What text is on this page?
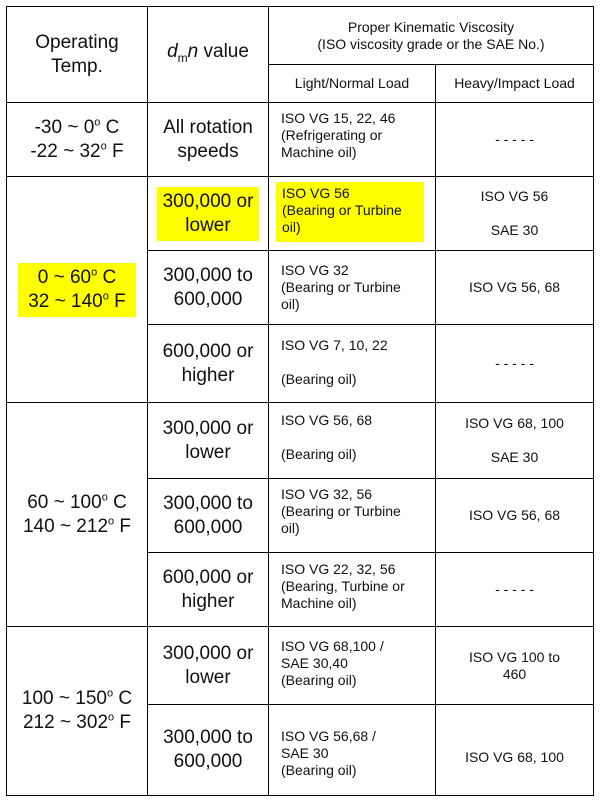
Operating
Temp.
$d_mn$ value
Proper Kinematic Viscosity
(ISO viscosity grade or the SAE No.)
Light/Normal Load	Heavy/Impact Load
-30 ~ 0$^o$ C
-22 ~ 32$^o$ F
All rotation
speeds
ISO VG 15, 22, 46
(Refrigerating or
Machine oil)
- - - - -
0 ~ 60$^o$ C
32 ~ 140$^o$ F
300,000 or
lower
ISO VG 56
(Bearing or Turbine
oil)
ISO VG 56
SAE 30
300,000 to
600,000
ISO VG 32
(Bearing or Turbine
oil)
ISO VG 56, 68
600,000 or
higher
ISO VG 7, 10, 22
(Bearing oil)
- - - - -
60 ~ 100$^o$ C
140 ~ 212$^o$ F
300,000 or
lower
ISO VG 56, 68
(Bearing oil)
ISO VG 68, 100
SAE 30
300,000 to
600,000
ISO VG 32, 56
(Bearing or Turbine
oil)
ISO VG 56, 68
600,000 or
higher
ISO VG 22, 32, 56
(Bearing, Turbine or
Machine oil)
- - - - -
100 ~ 150$^o$ C
212 ~ 302$^o$ F
300,000 or
lower
ISO VG 68,100 /
SAE 30,40
(Bearing oil)
ISO VG 100 to
460
300,000 to
600,000
ISO VG 56,68 /
SAE 30
(Bearing oil)
ISO VG 68, 100
